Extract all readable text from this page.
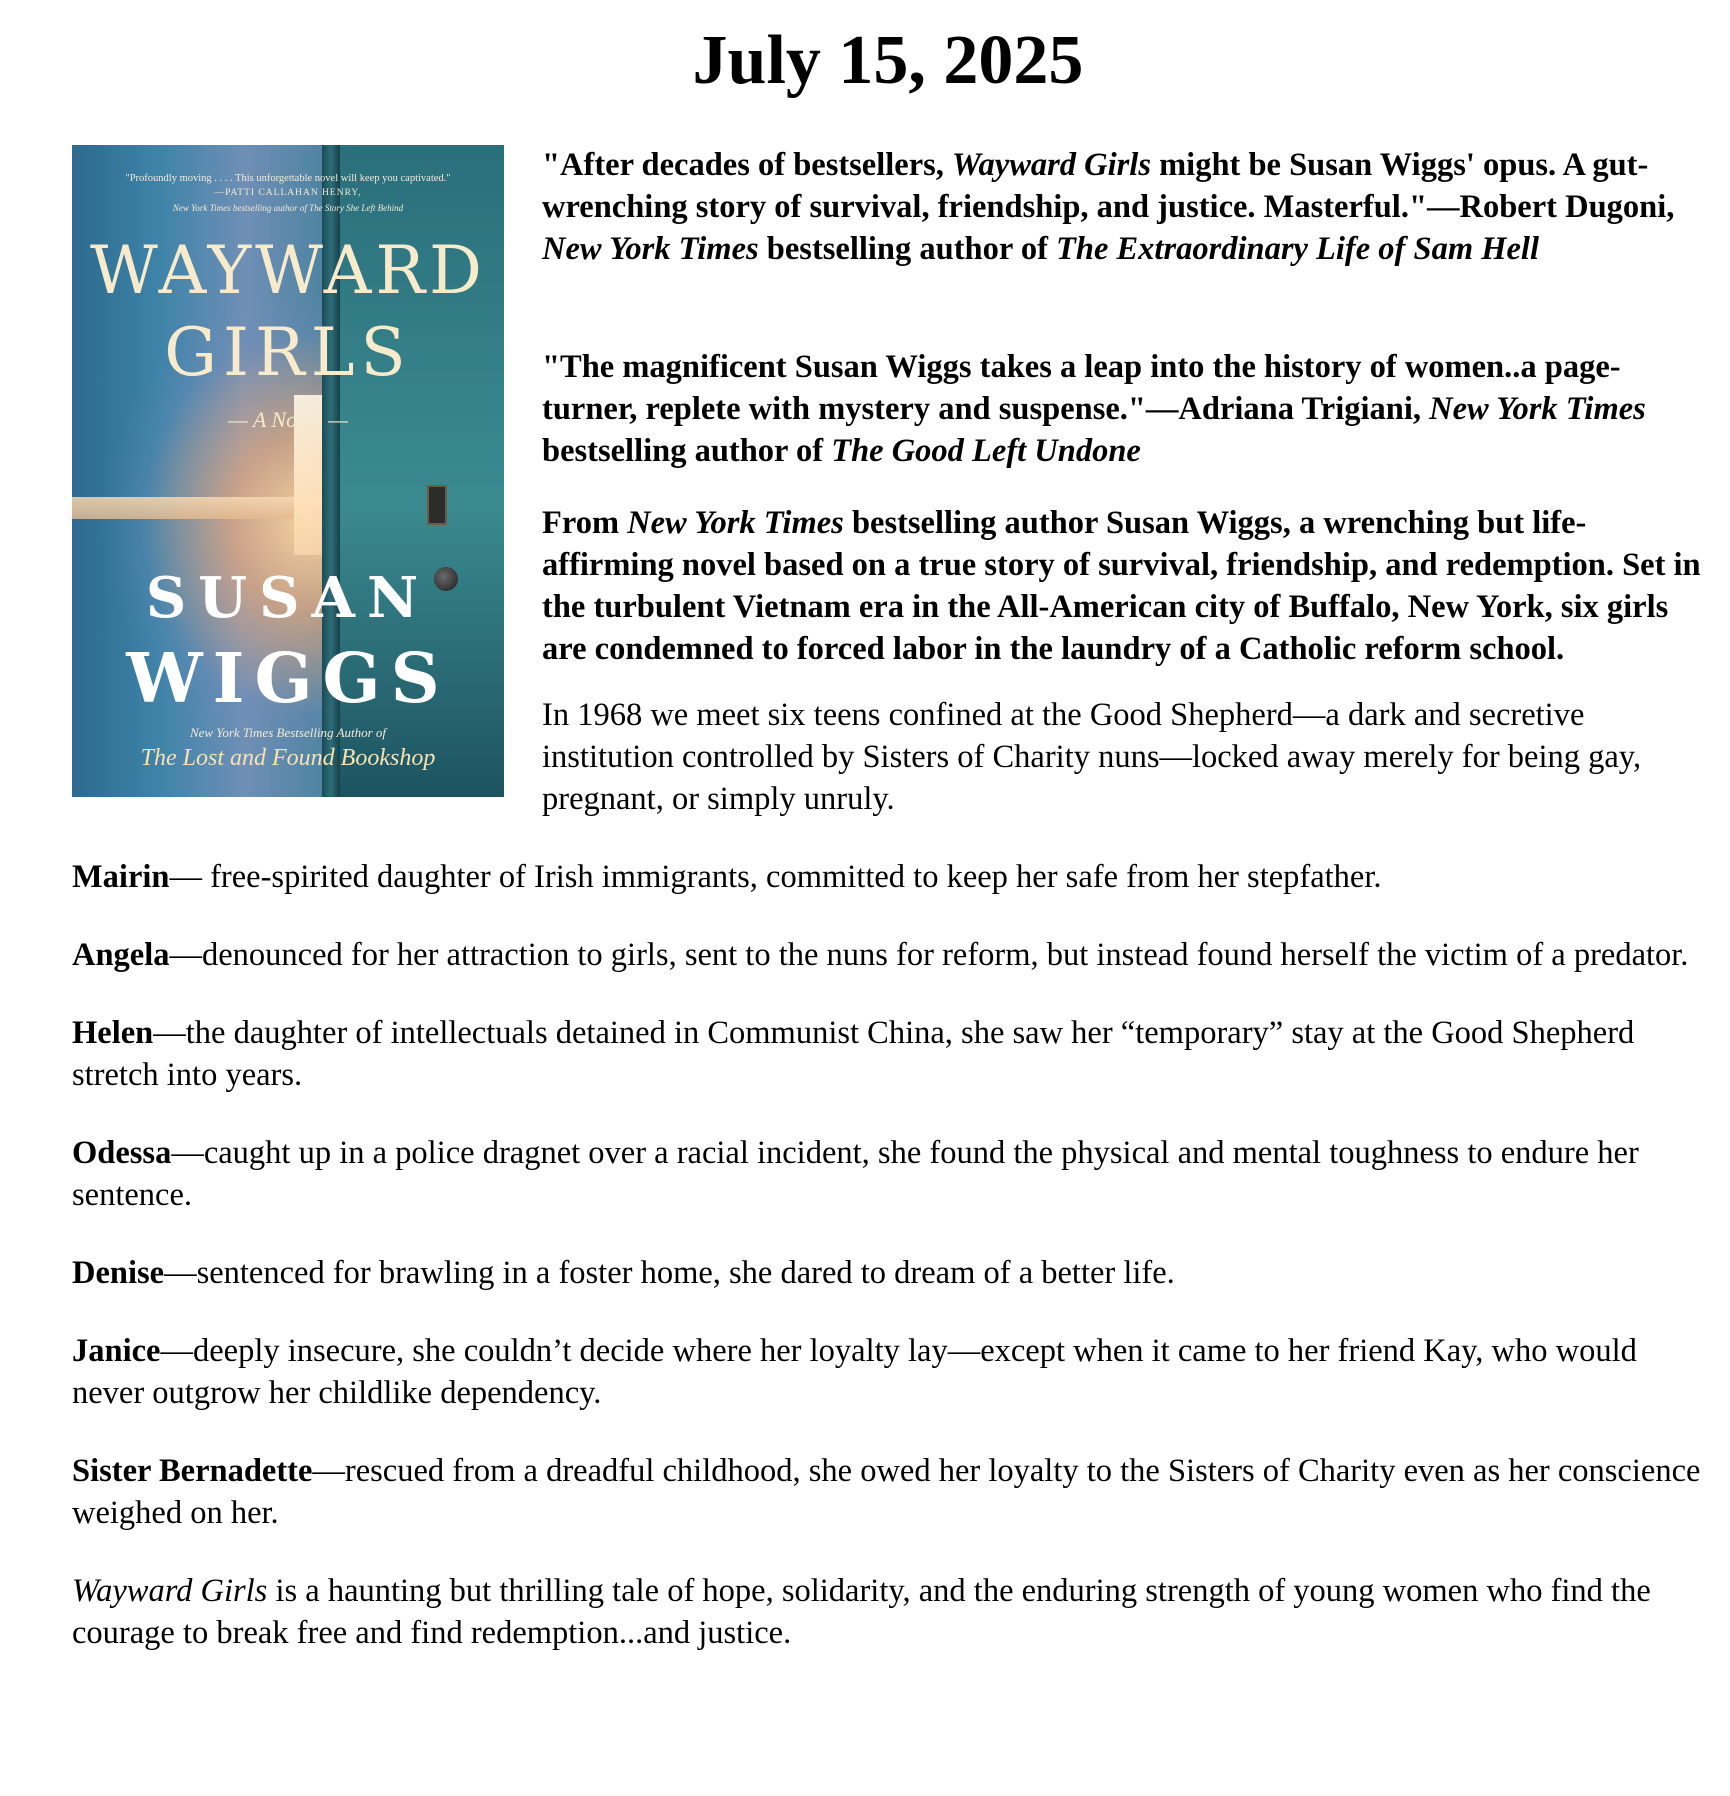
July 15, 2025
"Profoundly moving . . . . This unforgettable novel will keep you captivated."
—PATTI CALLAHAN HENRY,
New York Times bestselling author of The Story She Left Behind
WAYWARD
GIRLS
— A Novel —
SUSAN
WIGGS
New York Times Bestselling Author of
The Lost and Found Bookshop

"After decades of bestsellers, Wayward Girls might be Susan Wiggs' opus. A gut-wrenching story of survival, friendship, and justice. Masterful."—Robert Dugoni, New York Times bestselling author of The Extraordinary Life of Sam Hell

"The magnificent Susan Wiggs takes a leap into the history of women..a page-turner, replete with mystery and suspense."—Adriana Trigiani, New York Times bestselling author of The Good Left Undone

From New York Times bestselling author Susan Wiggs, a wrenching but life-affirming novel based on a true story of survival, friendship, and redemption. Set in the turbulent Vietnam era in the All-American city of Buffalo, New York, six girls are condemned to forced labor in the laundry of a Catholic reform school.

In 1968 we meet six teens confined at the Good Shepherd—a dark and secretive institution controlled by Sisters of Charity nuns—locked away merely for being gay, pregnant, or simply unruly.

Mairin— free-spirited daughter of Irish immigrants, committed to keep her safe from her stepfather.

Angela—denounced for her attraction to girls, sent to the nuns for reform, but instead found herself the victim of a predator.

Helen—the daughter of intellectuals detained in Communist China, she saw her “temporary” stay at the Good Shepherd stretch into years.

Odessa—caught up in a police dragnet over a racial incident, she found the physical and mental toughness to endure her sentence.

Denise—sentenced for brawling in a foster home, she dared to dream of a better life.

Janice—deeply insecure, she couldn’t decide where her loyalty lay—except when it came to her friend Kay, who would never outgrow her childlike dependency.

Sister Bernadette—rescued from a dreadful childhood, she owed her loyalty to the Sisters of Charity even as her conscience weighed on her.

Wayward Girls is a haunting but thrilling tale of hope, solidarity, and the enduring strength of young women who find the courage to break free and find redemption...and justice.
